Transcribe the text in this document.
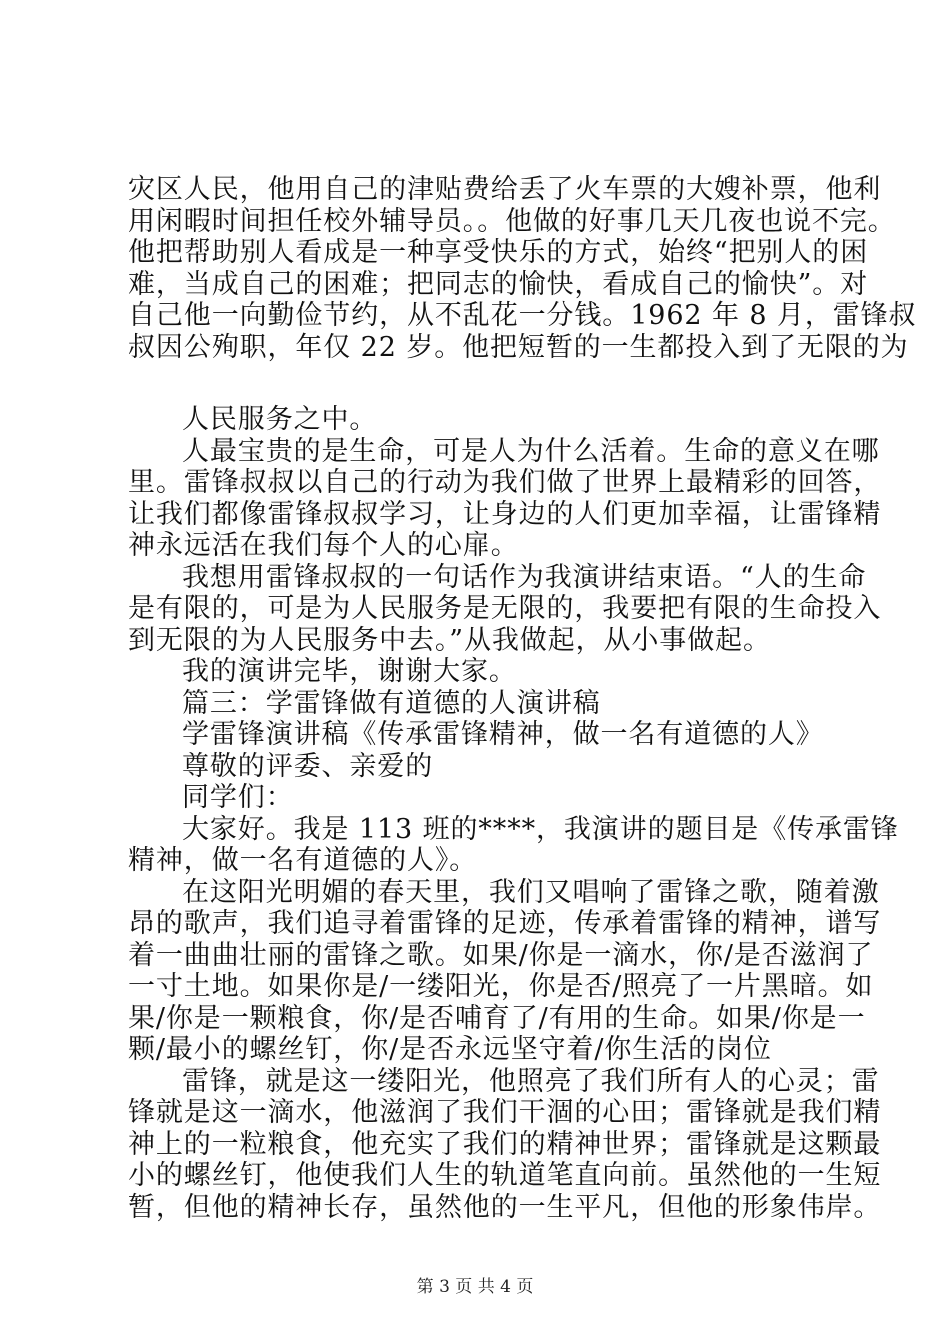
灾区人民，他用自己的津贴费给丢了火车票的大嫂补票，他利
用闲暇时间担任校外辅导员。。他做的好事几天几夜也说不完。
他把帮助别人看成是一种享受快乐的方式，始终“把别人的困
难，当成自己的困难；把同志的愉快，看成自己的愉快”。对
自己他一向勤俭节约，从不乱花一分钱。1962 年 8 月，雷锋叔
叔因公殉职，年仅 22 岁。他把短暂的一生都投入到了无限的为
人民服务之中。
人最宝贵的是生命，可是人为什么活着。生命的意义在哪
里。雷锋叔叔以自己的行动为我们做了世界上最精彩的回答，
让我们都像雷锋叔叔学习，让身边的人们更加幸福，让雷锋精
神永远活在我们每个人的心扉。
我想用雷锋叔叔的一句话作为我演讲结束语。“人的生命
是有限的，可是为人民服务是无限的，我要把有限的生命投入
到无限的为人民服务中去。”从我做起，从小事做起。
我的演讲完毕，谢谢大家。
篇三：学雷锋做有道德的人演讲稿
学雷锋演讲稿《传承雷锋精神，做一名有道德的人》
尊敬的评委、亲爱的
同学们：
大家好。我是 113 班的****，我演讲的题目是《传承雷锋
精神，做一名有道德的人》。
在这阳光明媚的春天里，我们又唱响了雷锋之歌，随着激
昂的歌声，我们追寻着雷锋的足迹，传承着雷锋的精神，谱写
着一曲曲壮丽的雷锋之歌。如果/你是一滴水，你/是否滋润了
一寸土地。如果你是/一缕阳光，你是否/照亮了一片黑暗。如
果/你是一颗粮食，你/是否哺育了/有用的生命。如果/你是一
颗/最小的螺丝钉，你/是否永远坚守着/你生活的岗位
雷锋，就是这一缕阳光，他照亮了我们所有人的心灵；雷
锋就是这一滴水，他滋润了我们干涸的心田；雷锋就是我们精
神上的一粒粮食，他充实了我们的精神世界；雷锋就是这颗最
小的螺丝钉，他使我们人生的轨道笔直向前。虽然他的一生短
暂，但他的精神长存，虽然他的一生平凡，但他的形象伟岸。
第 3 页 共 4 页
